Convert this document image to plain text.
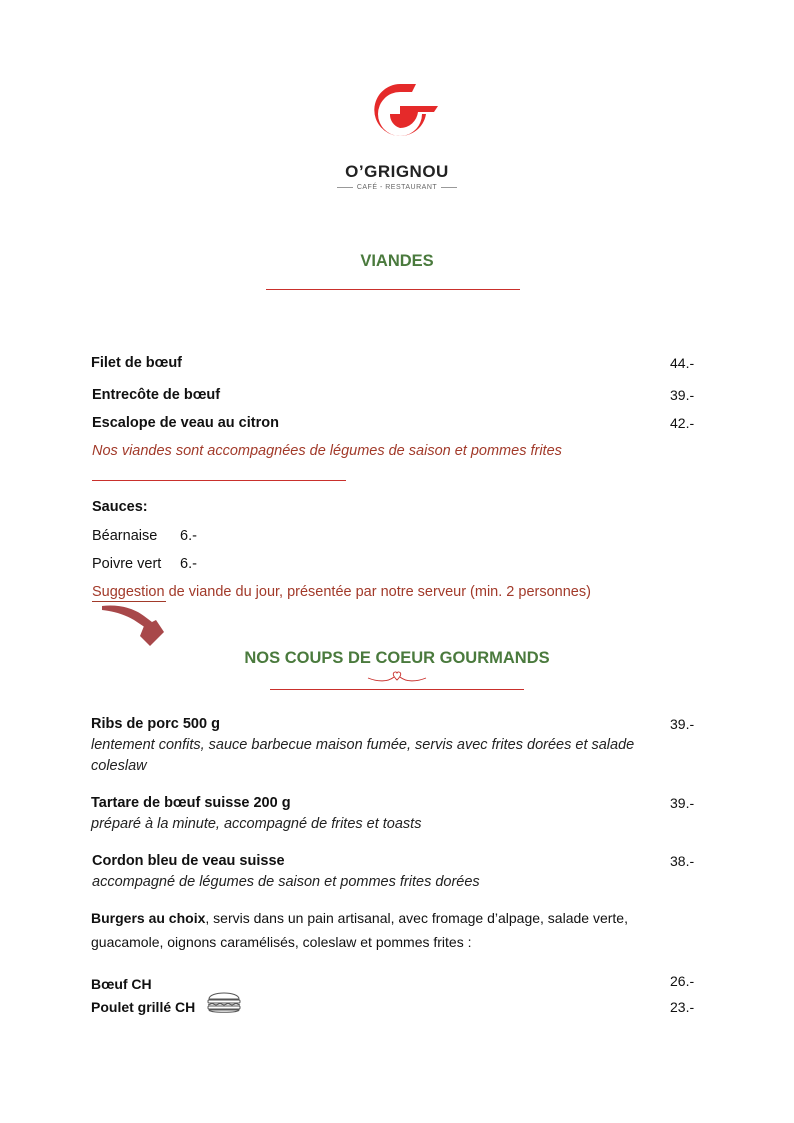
O’GRIGNOU
CAFÉ - RESTAURANT
VIANDES
Filet de bœuf	44.-
Entrecôte de bœuf	39.-
Escalope de veau au citron	42.-
Nos viandes sont accompagnées de légumes de saison et pommes frites
Sauces:
Béarnaise 6.-
Poivre vert 6.-
Suggestion de viande du jour, présentée par notre serveur (min. 2 personnes)
NOS COUPS DE COEUR GOURMANDS
Ribs de porc 500 g	39.-
lentement confits, sauce barbecue maison fumée, servis avec frites dorées et salade coleslaw
Tartare de bœuf suisse 200 g	39.-
préparé à la minute, accompagné de frites et toasts
Cordon bleu de veau suisse	38.-
accompagné de légumes de saison et pommes frites dorées
Burgers au choix, servis dans un pain artisanal, avec fromage d’alpage, salade verte, guacamole, oignons caramélisés, coleslaw et pommes frites :
Bœuf CH	26.-
Poulet grillé CH	23.-
